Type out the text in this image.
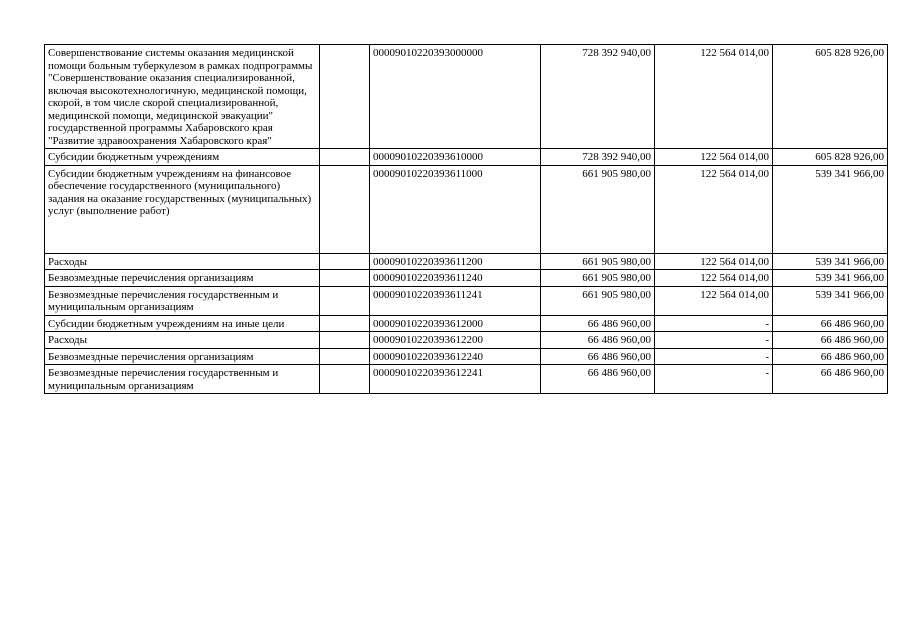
Совершенствование системы оказания медицинской помощи больным туберкулезом в рамках подпрограммы "Совершенствование оказания специализированной, включая высокотехнологичную, медицинской помощи, скорой, в том числе скорой специализированной, медицинской помощи, медицинской эвакуации" государственной программы Хабаровского края "Развитие здравоохранения Хабаровского края"		00009010220393000000	728 392 940,00	122 564 014,00	605 828 926,00
Субсидии бюджетным учреждениям		00009010220393610000	728 392 940,00	122 564 014,00	605 828 926,00
Субсидии бюджетным учреждениям на финансовое обеспечение государственного (муниципального) задания на оказание государственных (муниципальных) услуг (выполнение работ)		00009010220393611000	661 905 980,00	122 564 014,00	539 341 966,00
Расходы		00009010220393611200	661 905 980,00	122 564 014,00	539 341 966,00
Безвозмездные перечисления организациям		00009010220393611240	661 905 980,00	122 564 014,00	539 341 966,00
Безвозмездные перечисления государственным и муниципальным организациям		00009010220393611241	661 905 980,00	122 564 014,00	539 341 966,00
Субсидии бюджетным учреждениям на иные цели		00009010220393612000	66 486 960,00	-	66 486 960,00
Расходы		00009010220393612200	66 486 960,00	-	66 486 960,00
Безвозмездные перечисления организациям		00009010220393612240	66 486 960,00	-	66 486 960,00
Безвозмездные перечисления государственным и муниципальным организациям		00009010220393612241	66 486 960,00	-	66 486 960,00
